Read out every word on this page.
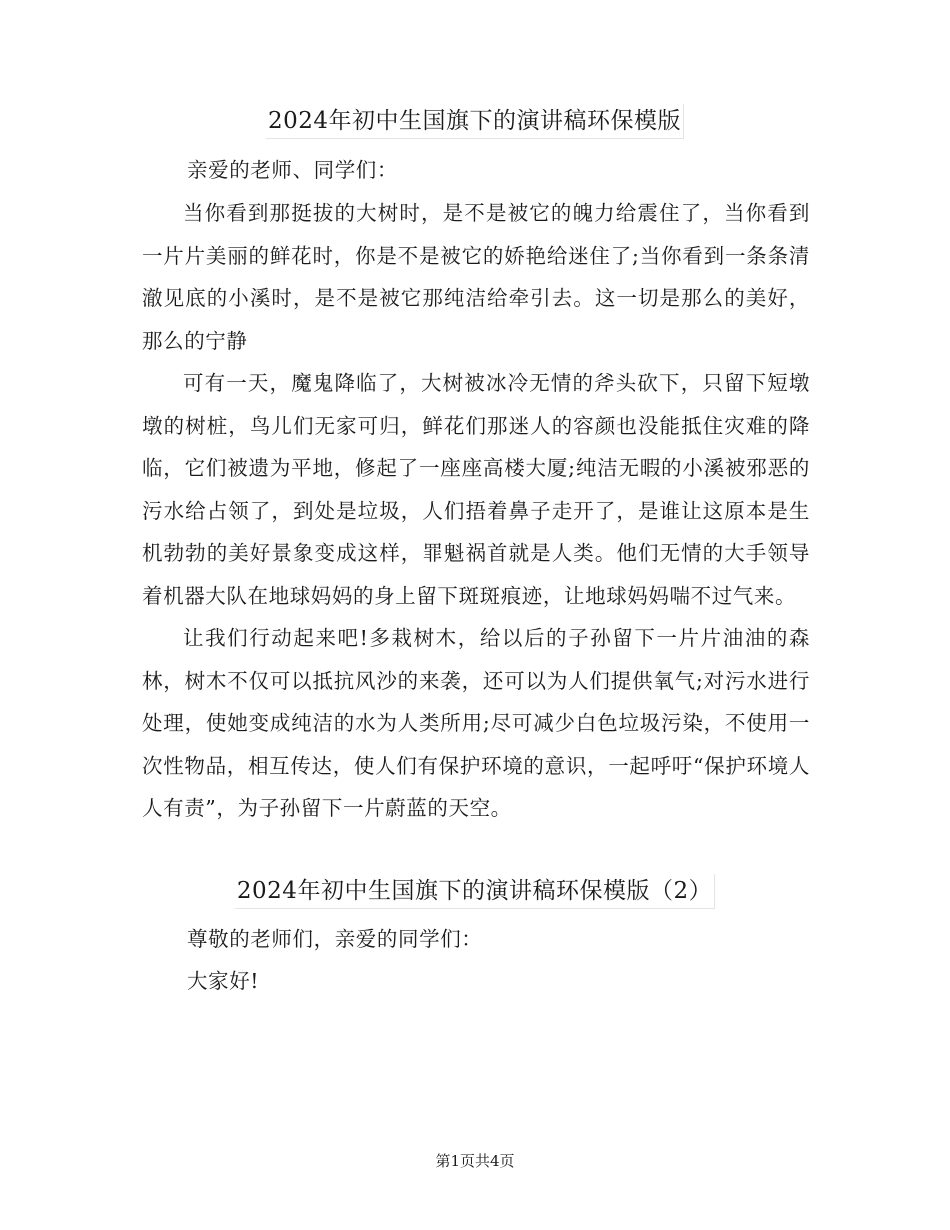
2024年初中生国旗下的演讲稿环保模版
亲爱的老师、同学们：

当你看到那挺拔的大树时，是不是被它的魄力给震住了，当你看到一片片美丽的鲜花时，你是不是被它的娇艳给迷住了;当你看到一条条清澈见底的小溪时，是不是被它那纯洁给牵引去。这一切是那么的美好，那么的宁静

可有一天，魔鬼降临了，大树被冰冷无情的斧头砍下，只留下短墩墩的树桩，鸟儿们无家可归，鲜花们那迷人的容颜也没能抵住灾难的降临，它们被遗为平地，修起了一座座高楼大厦;纯洁无暇的小溪被邪恶的污水给占领了，到处是垃圾，人们捂着鼻子走开了，是谁让这原本是生机勃勃的美好景象变成这样，罪魁祸首就是人类。他们无情的大手领导着机器大队在地球妈妈的身上留下斑斑痕迹，让地球妈妈喘不过气来。

让我们行动起来吧!多栽树木，给以后的子孙留下一片片油油的森林，树木不仅可以抵抗风沙的来袭，还可以为人们提供氧气;对污水进行处理，使她变成纯洁的水为人类所用;尽可减少白色垃圾污染，不使用一次性物品，相互传达，使人们有保护环境的意识，一起呼吁“保护环境人人有责”，为子孙留下一片蔚蓝的天空。

2024年初中生国旗下的演讲稿环保模版（2）
尊敬的老师们，亲爱的同学们：
大家好!
第1页共4页
